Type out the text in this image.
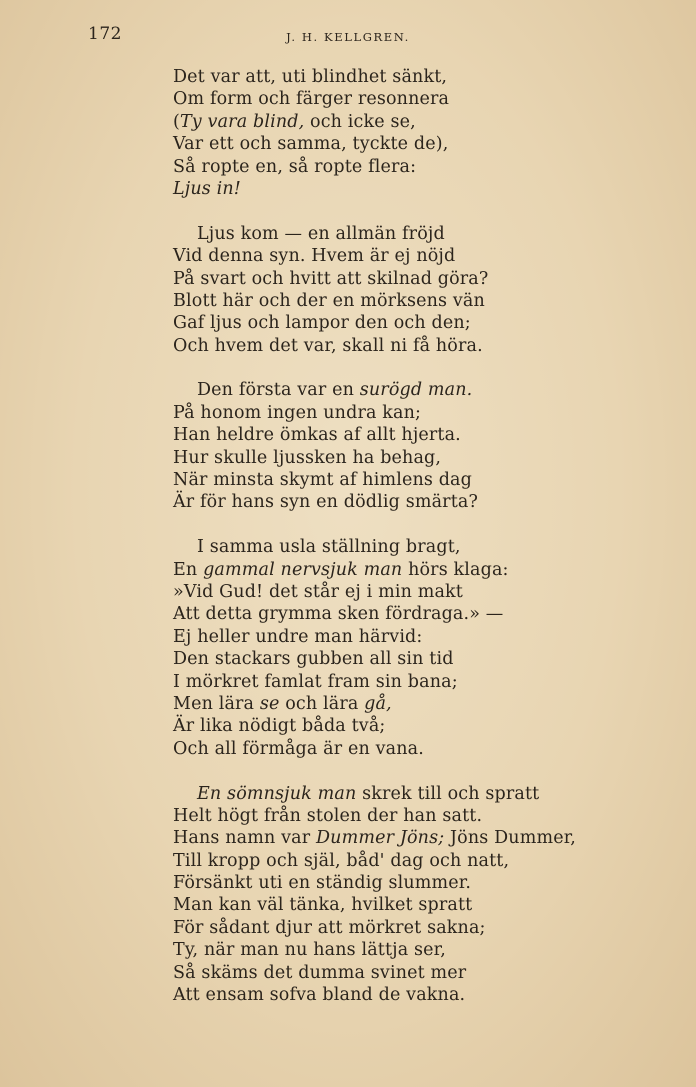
172	J. H. KELLGREN.
Det var att, uti blindhet sänkt,
Om form och färger resonnera
(Ty vara blind, och icke se,
Var ett och samma, tyckte de),
Så ropte en, så ropte flera:
Ljus in!
Ljus kom — en allmän fröjd
Vid denna syn. Hvem är ej nöjd
På svart och hvitt att skilnad göra?
Blott här och der en mörksens vän
Gaf ljus och lampor den och den;
Och hvem det var, skall ni få höra.
Den första var en surögd man.
På honom ingen undra kan;
Han heldre ömkas af allt hjerta.
Hur skulle ljusskеn ha behag,
När minsta skymt af himlens dag
Är för hans syn en dödlig smärta?
I samma usla ställning bragt,
En gammal nervsjuk man hörs klaga:
»Vid Gud! det står ej i min makt
Att detta grymma sken fördraga.» —
Ej heller undre man härvid:
Den stackars gubben all sin tid
I mörkret famlat fram sin bana;
Men lära se och lära gå,
Är lika nödigt båda två;
Och all förmåga är en vana.
En sömnsjuk man skrek till och spratt
Helt högt från stolen der han satt.
Hans namn var Dummer Jöns; Jöns Dummer,
Till kropp och själ, båd' dag och natt,
Försänkt uti en ständig slummer.
Man kan väl tänka, hvilket spratt
För sådant djur att mörkret sakna;
Ty, när man nu hans lättja ser,
Så skäms det dumma svinet mer
Att ensam sofva bland de vakna.
